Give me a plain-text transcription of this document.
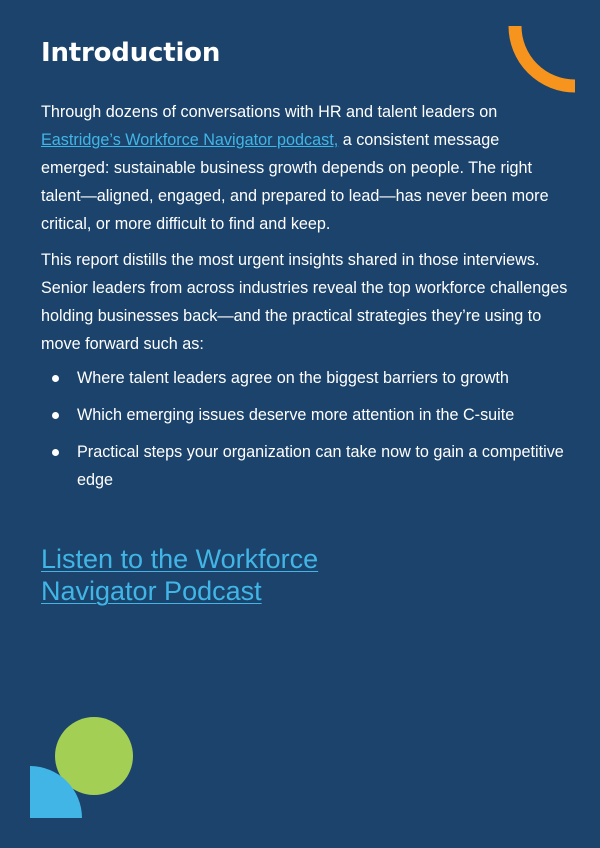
Introduction

Through dozens of conversations with HR and talent leaders on Eastridge’s Workforce Navigator podcast, a consistent message emerged: sustainable business growth depends on people. The right talent—aligned, engaged, and prepared to lead—has never been more critical, or more difficult to find and keep.

This report distills the most urgent insights shared in those interviews. Senior leaders from across industries reveal the top workforce challenges holding businesses back—and the practical strategies they’re using to move forward such as:

Where talent leaders agree on the biggest barriers to growth
Which emerging issues deserve more attention in the C-suite
Practical steps your organization can take now to gain a competitive edge
Listen to the Workforce Navigator Podcast
